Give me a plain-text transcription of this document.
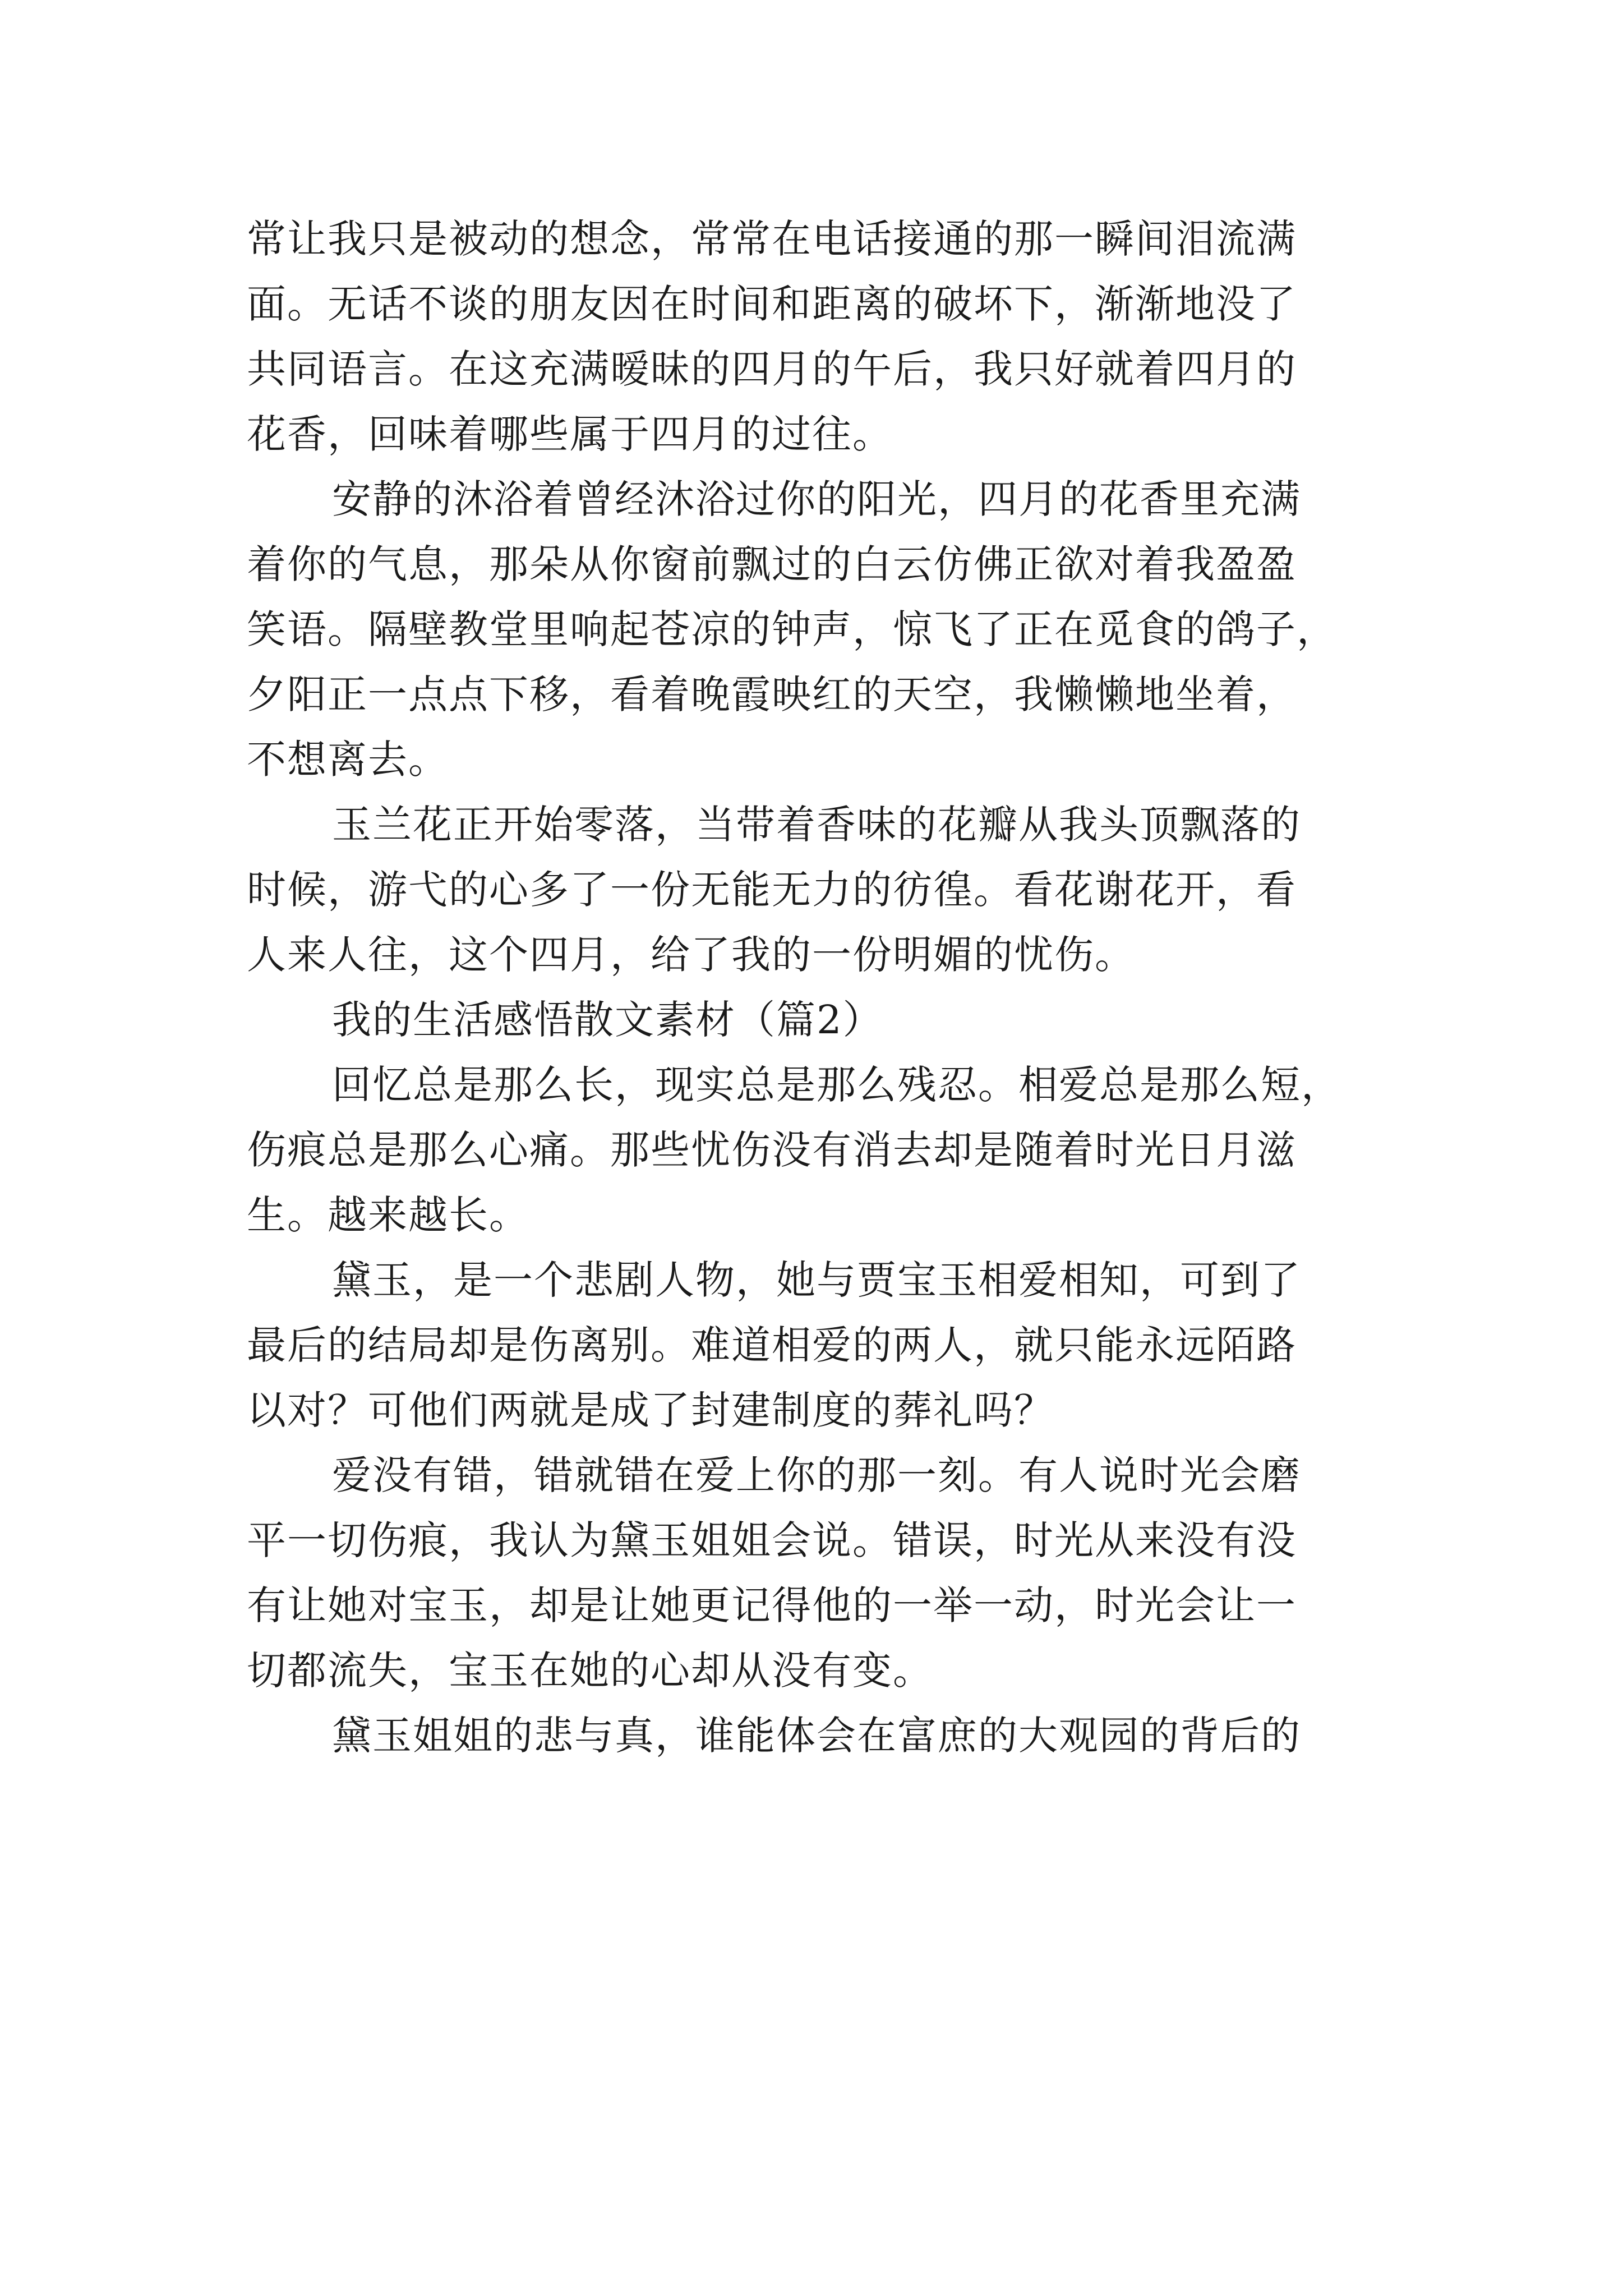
常让我只是被动的想念，常常在电话接通的那一瞬间泪流满
面。无话不谈的朋友因在时间和距离的破坏下，渐渐地没了
共同语言。在这充满暧昧的四月的午后，我只好就着四月的
花香，回味着哪些属于四月的过往。
安静的沐浴着曾经沐浴过你的阳光，四月的花香里充满
着你的气息，那朵从你窗前飘过的白云仿佛正欲对着我盈盈
笑语。隔壁教堂里响起苍凉的钟声，惊飞了正在觅食的鸽子，
夕阳正一点点下移，看着晚霞映红的天空，我懒懒地坐着，
不想离去。
玉兰花正开始零落，当带着香味的花瓣从我头顶飘落的
时候，游弋的心多了一份无能无力的彷徨。看花谢花开，看
人来人往，这个四月，给了我的一份明媚的忧伤。
我的生活感悟散文素材（篇2）
回忆总是那么长，现实总是那么残忍。相爱总是那么短，
伤痕总是那么心痛。那些忧伤没有消去却是随着时光日月滋
生。越来越长。
黛玉，是一个悲剧人物，她与贾宝玉相爱相知，可到了
最后的结局却是伤离别。难道相爱的两人，就只能永远陌路
以对？可他们两就是成了封建制度的葬礼吗？
爱没有错，错就错在爱上你的那一刻。有人说时光会磨
平一切伤痕，我认为黛玉姐姐会说。错误，时光从来没有没
有让她对宝玉，却是让她更记得他的一举一动，时光会让一
切都流失，宝玉在她的心却从没有变。
黛玉姐姐的悲与真，谁能体会在富庶的大观园的背后的
